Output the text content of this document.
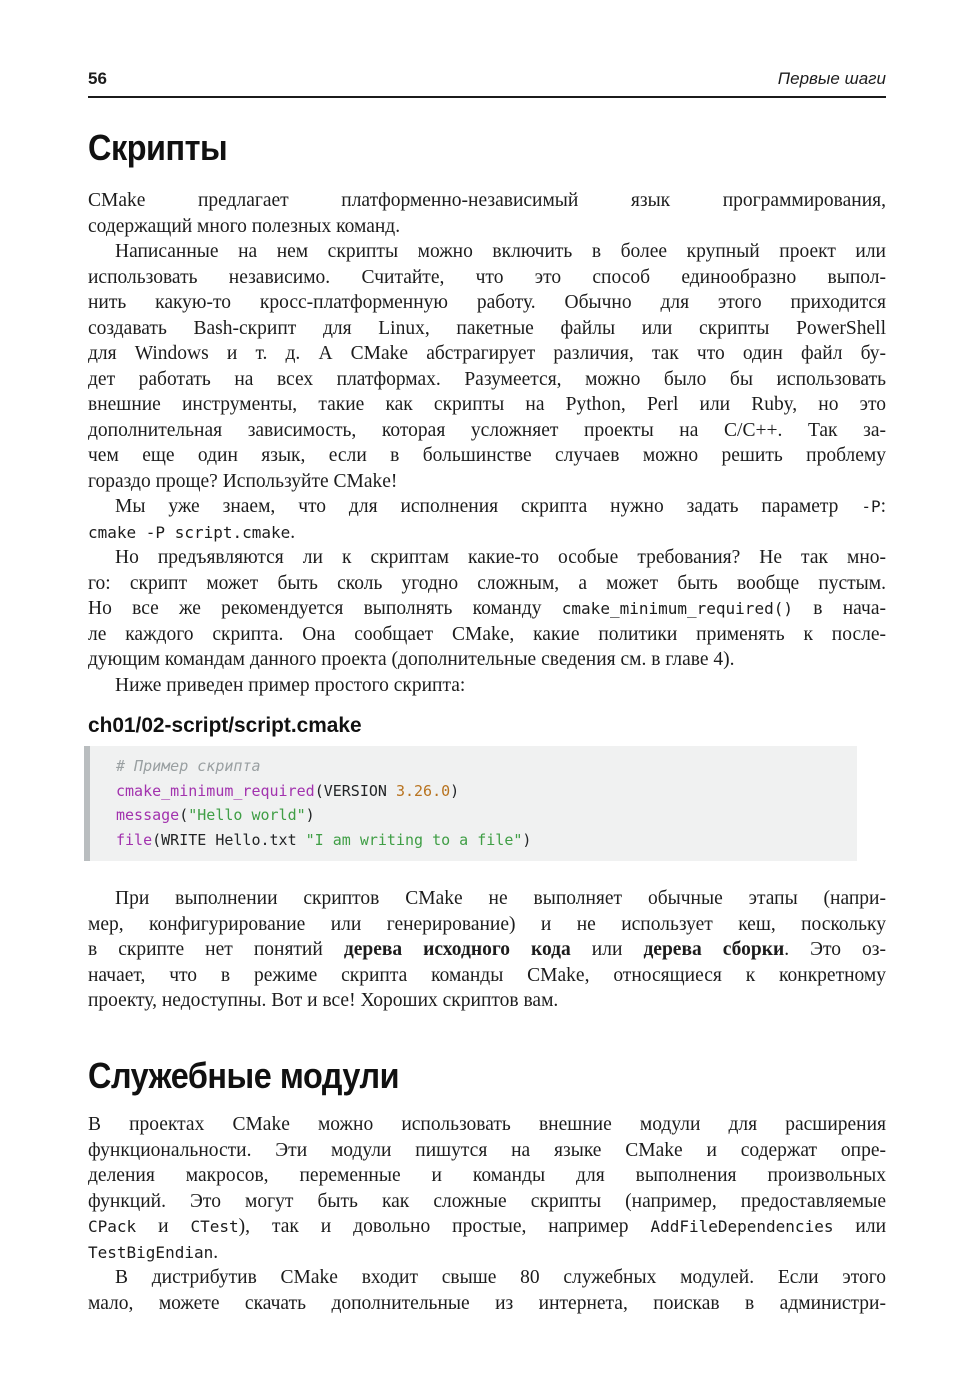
56	Первые шаги
Скрипты
CMake предлагает платформенно-независимый язык программирования,
содержащий много полезных команд.
Написанные на нем скрипты можно включить в более крупный проект или
использовать независимо. Считайте, что это способ единообразно выпол-
нить какую-то кросс-платформенную работу. Обычно для этого приходится
создавать Bash-скрипт для Linux, пакетные файлы или скрипты PowerShell
для Windows и т. д. А CMake абстрагирует различия, так что один файл бу-
дет работать на всех платформах. Разумеется, можно было бы использовать
внешние инструменты, такие как скрипты на Python, Perl или Ruby, но это
дополнительная зависимость, которая усложняет проекты на C/C++. Так за-
чем еще один язык, если в большинстве случаев можно решить проблему
гораздо проще? Используйте CMake!
Мы уже знаем, что для исполнения скрипта нужно задать параметр -P:
cmake -P script.cmake.
Но предъявляются ли к скриптам какие-то особые требования? Не так мно-
го: скрипт может быть сколь угодно сложным, а может быть вообще пустым.
Но все же рекомендуется выполнять команду cmake_minimum_required() в нача-
ле каждого скрипта. Она сообщает CMake, какие политики применять к после-
дующим командам данного проекта (дополнительные сведения см. в главе 4).
Ниже приведен пример простого скрипта:
ch01/02-script/script.cmake
# Пример скрипта
cmake_minimum_required(VERSION 3.26.0)
message("Hello world")
file(WRITE Hello.txt "I am writing to a file")
При выполнении скриптов CMake не выполняет обычные этапы (напри-
мер, конфигурирование или генерирование) и не использует кеш, поскольку
в скрипте нет понятий дерева исходного кода или дерева сборки. Это оз-
начает, что в режиме скрипта команды CMake, относящиеся к конкретному
проекту, недоступны. Вот и все! Хороших скриптов вам.
Служебные модули
В проектах CMake можно использовать внешние модули для расширения
функциональности. Эти модули пишутся на языке CMake и содержат опре-
деления макросов, переменные и команды для выполнения произвольных
функций. Это могут быть как сложные скрипты (например, предоставляемые
CPack и CTest), так и довольно простые, например AddFileDependencies или
TestBigEndian.
В дистрибутив CMake входит свыше 80 служебных модулей. Если этого
мало, можете скачать дополнительные из интернета, поискав в администри-
